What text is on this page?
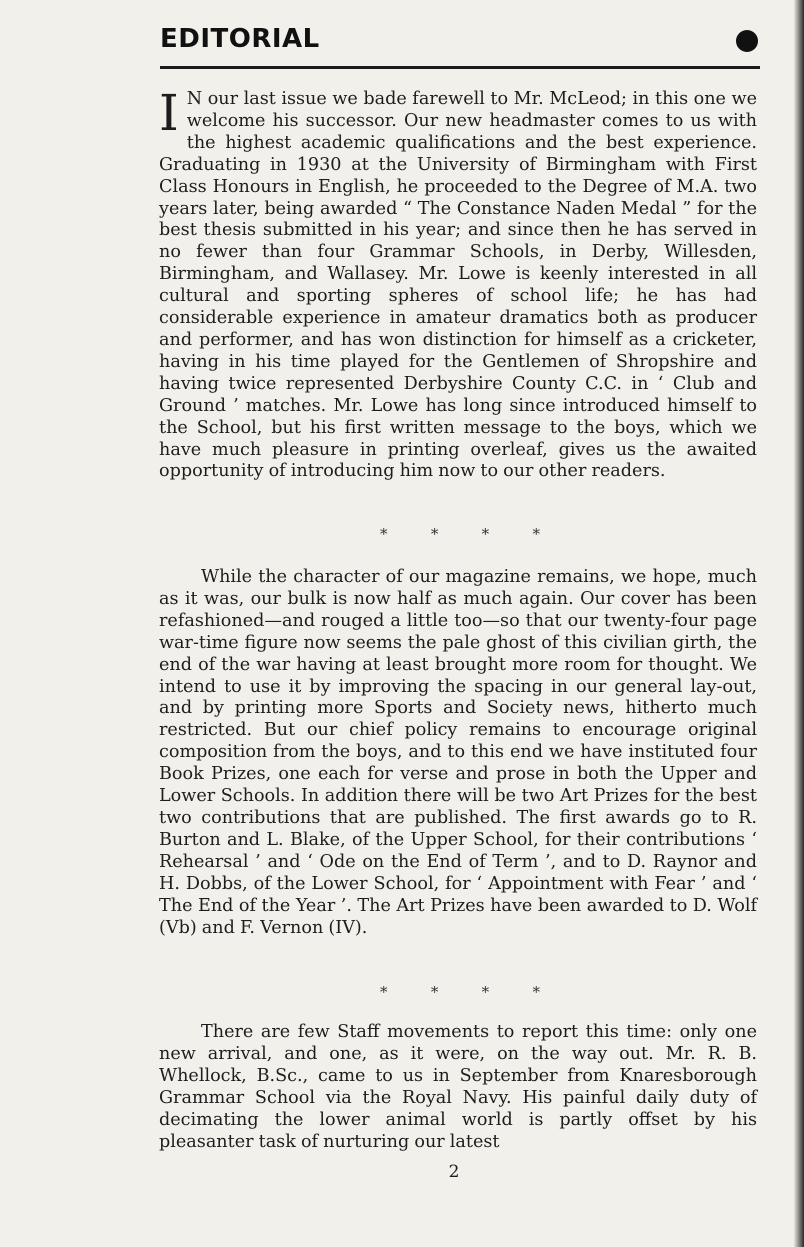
EDITORIAL
I N our last issue we bade farewell to Mr. McLeod; in this one we welcome his successor. Our new headmaster comes to us with the highest academic qualifications and the best experience. Graduating in 1930 at the University of Birmingham with First Class Honours in English, he proceeded to the Degree of M.A. two years later, being awarded “ The Constance Naden Medal ” for the best thesis submitted in his year; and since then he has served in no fewer than four Grammar Schools, in Derby, Willesden, Birmingham, and Wallasey. Mr. Lowe is keenly interested in all cultural and sporting spheres of school life; he has had considerable experience in amateur dramatics both as producer and performer, and has won distinction for himself as a cricketer, having in his time played for the Gentlemen of Shropshire and having twice represented Derbyshire County C.C. in ‘ Club and Ground ’ matches. Mr. Lowe has long since introduced himself to the School, but his first written message to the boys, which we have much pleasure in printing overleaf, gives us the awaited opportunity of introducing him now to our other readers.
*	*	*	*
While the character of our magazine remains, we hope, much as it was, our bulk is now half as much again. Our cover has been refashioned—and rouged a little too—so that our twenty-four page war-time figure now seems the pale ghost of this civilian girth, the end of the war having at least brought more room for thought. We intend to use it by improving the spacing in our general lay-out, and by printing more Sports and Society news, hitherto much restricted. But our chief policy remains to encourage original composition from the boys, and to this end we have instituted four Book Prizes, one each for verse and prose in both the Upper and Lower Schools. In addition there will be two Art Prizes for the best two contributions that are published. The first awards go to R. Burton and L. Blake, of the Upper School, for their contributions ‘ Rehearsal ’ and ‘ Ode on the End of Term ’, and to D. Raynor and H. Dobbs, of the Lower School, for ‘ Appointment with Fear ’ and ‘ The End of the Year ’. The Art Prizes have been awarded to D. Wolf (Vb) and F. Vernon (IV).
*	*	*	*
There are few Staff movements to report this time: only one new arrival, and one, as it were, on the way out. Mr. R. B. Whellock, B.Sc., came to us in September from Knaresborough Grammar School via the Royal Navy. His painful daily duty of decimating the lower animal world is partly offset by his pleasanter task of nurturing our latest
2
